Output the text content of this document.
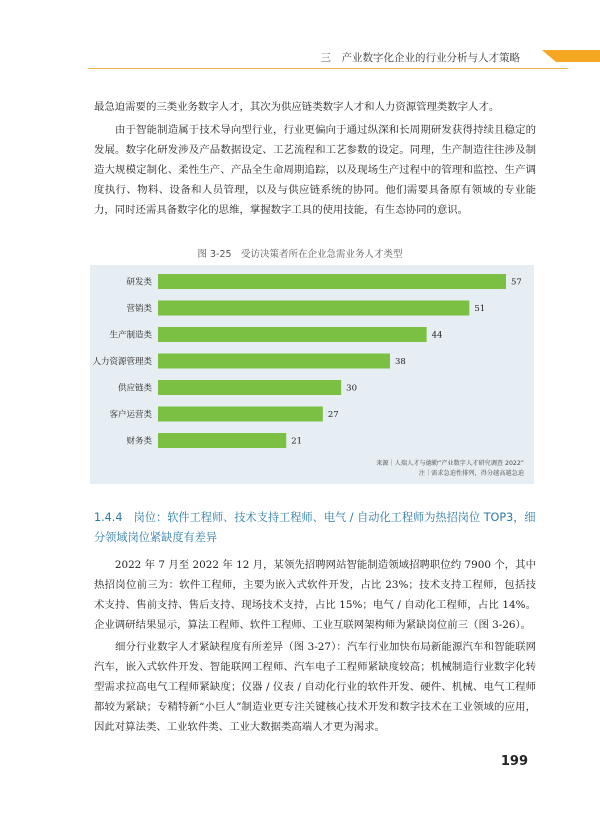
三　产业数字化企业的行业分析与人才策略
最急迫需要的三类业务数字人才，其次为供应链类数字人才和人力资源管理类数字人才。
　　由于智能制造属于技术导向型行业，行业更偏向于通过纵深和长周期研发获得持续且稳定的发展。数字化研发涉及产品数据设定、工艺流程和工艺参数的设定。同理，生产制造往往涉及制造大规模定制化、柔性生产、产品全生命周期追踪，以及现场生产过程中的管理和监控、生产调度执行、物料、设备和人员管理，以及与供应链系统的协同。他们需要具备原有领域的专业能力，同时还需具备数字化的思维，掌握数字工具的使用技能，有生态协同的意识。
图 3-25　受访决策者所在企业急需业务人才类型
研发类	57
营销类	51
生产制造类	44
人力资源管理类	38
供应链类	30
客户运营类	27
财务类	21
来源｜人瑞人才与德勤“产业数字人才研究调查 2022”
注｜需求急迫性排列，得分越高越急迫
1.4.4　岗位：软件工程师、技术支持工程师、电气 / 自动化工程师为热招岗位 TOP3，细分领域岗位紧缺度有差异
　　2022 年 7 月至 2022 年 12 月，某领先招聘网站智能制造领域招聘职位约 7900 个，其中热招岗位前三为：软件工程师，主要为嵌入式软件开发，占比 23%；技术支持工程师，包括技术支持、售前支持、售后支持、现场技术支持，占比 15%；电气 / 自动化工程师，占比 14%。企业调研结果显示，算法工程师、软件工程师、工业互联网架构师为紧缺岗位前三（图 3-26）。
　　细分行业数字人才紧缺程度有所差异（图 3-27）：汽车行业加快布局新能源汽车和智能联网汽车，嵌入式软件开发、智能联网工程师、汽车电子工程师紧缺度较高；机械制造行业数字化转型需求拉高电气工程师紧缺度；仪器 / 仪表 / 自动化行业的软件开发、硬件、机械、电气工程师都较为紧缺；专精特新“小巨人”制造业更专注关键核心技术开发和数字技术在工业领域的应用，因此对算法类、工业软件类、工业大数据类高端人才更为渴求。
199
